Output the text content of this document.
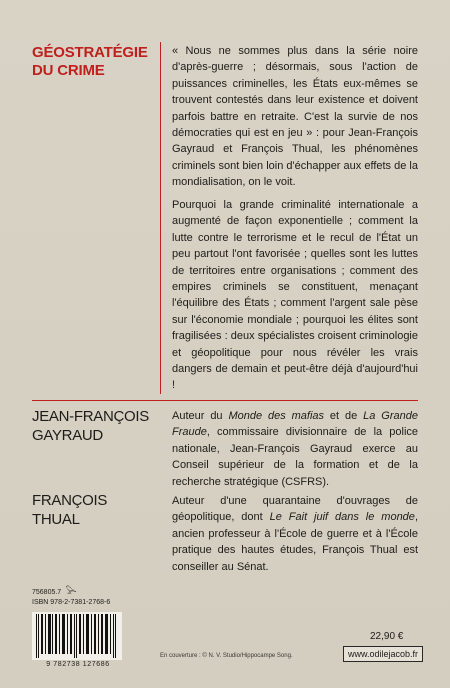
GÉOSTRATÉGIE
DU CRIME

« Nous ne sommes plus dans la série noire d'après-guerre ; désormais, sous l'action de puissances criminelles, les États eux-mêmes se trouvent contestés dans leur existence et doivent parfois battre en retraite. C'est la survie de nos démocraties qui est en jeu » : pour Jean-François Gayraud et François Thual, les phénomènes criminels sont bien loin d'échapper aux effets de la mondialisation, on le voit.

Pourquoi la grande criminalité internationale a augmenté de façon exponentielle ; comment la lutte contre le terrorisme et le recul de l'État un peu partout l'ont favorisée ; quelles sont les luttes de territoires entre organisations ; comment des empires criminels se constituent, menaçant l'équilibre des États ; comment l'argent sale pèse sur l'économie mondiale ; pourquoi les élites sont fragilisées : deux spécialistes croisent criminologie et géopolitique pour nous révéler les vrais dangers de demain et peut-être déjà d'aujourd'hui !

JEAN-FRANÇOIS
GAYRAUD

Auteur du Monde des mafias et de La Grande Fraude, commissaire divisionnaire de la police nationale, Jean-François Gayraud exerce au Conseil supérieur de la formation et de la recherche stratégique (CSFRS).

FRANÇOIS
THUAL

Auteur d'une quarantaine d'ouvrages de géopolitique, dont Le Fait juif dans le monde, ancien professeur à l'École de guerre et à l'École pratique des hautes études, François Thual est conseiller au Sénat.

756805.7 𓅪
ISBN 978-2-7381-2768-6
9 782738 127686
En couverture : © N. V. Studio/Hippocampe Song.
22,90 €
www.odilejacob.fr
